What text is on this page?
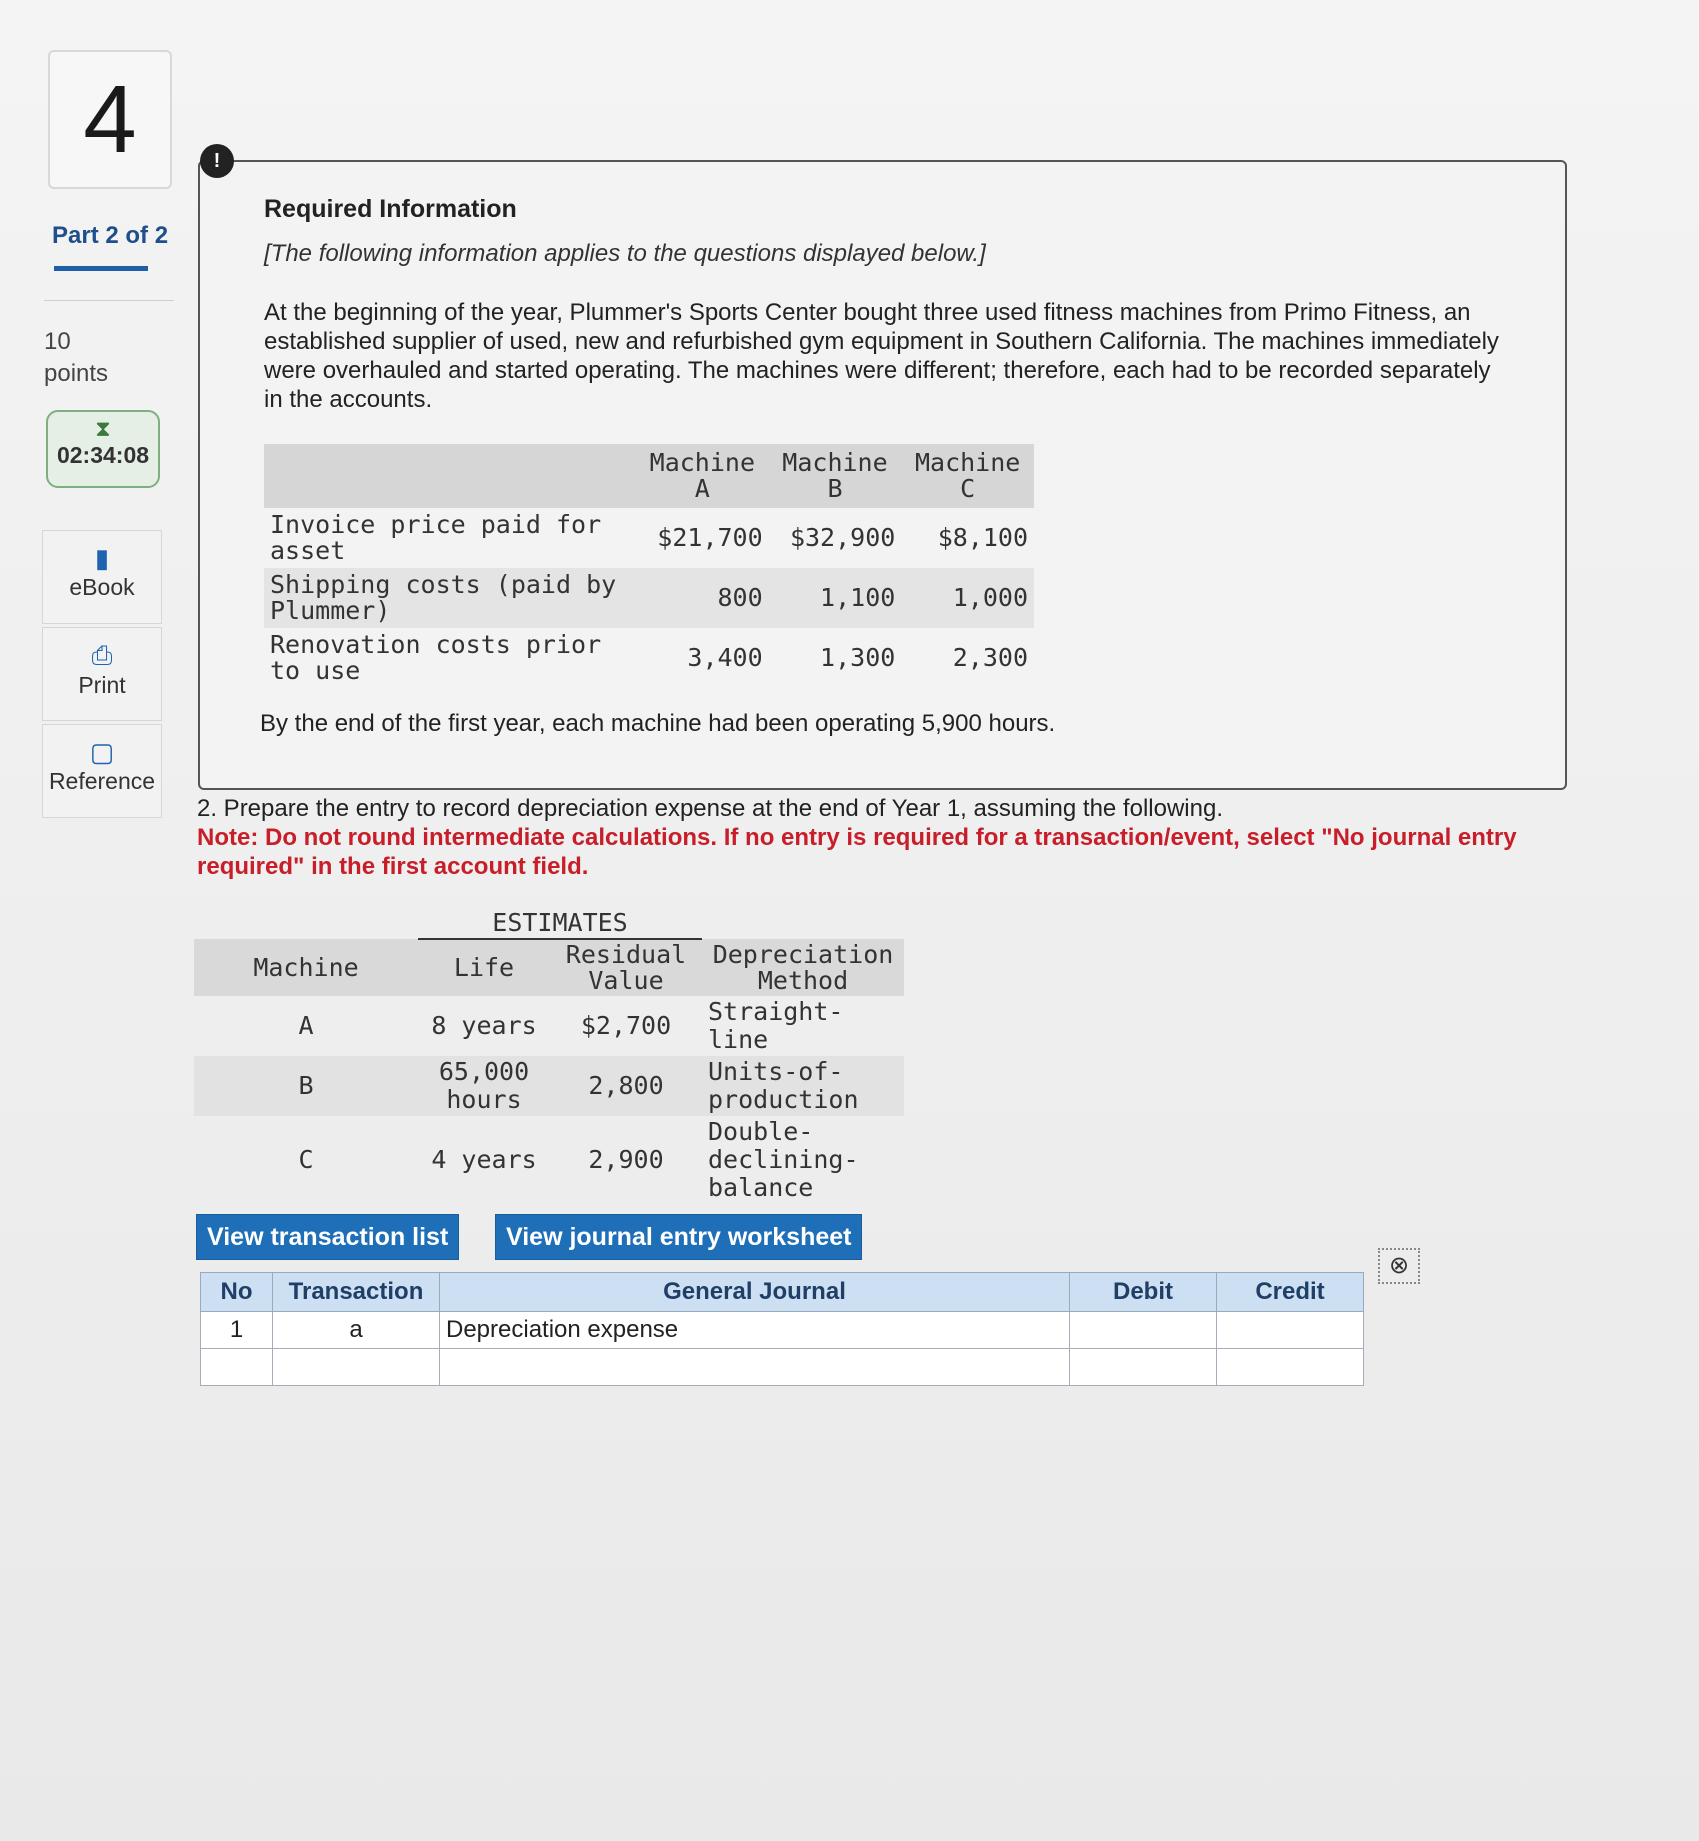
4
Part 2 of 2
10
points
⧗
02:34:08
▮
eBook
⎙
Print
▢
Reference
!
Required Information
[The following information applies to the questions displayed below.]
At the beginning of the year, Plummer's Sports Center bought three used fitness machines from Primo Fitness, an established supplier of used, new and refurbished gym equipment in Southern California. The machines immediately were overhauled and started operating. The machines were different; therefore, each had to be recorded separately in the accounts.
	Machine A	Machine B	Machine C
Invoice price paid for asset	$21,700	$32,900	$8,100
Shipping costs (paid by Plummer)	800	1,100	1,000
Renovation costs prior to use	3,400	1,300	2,300
By the end of the first year, each machine had been operating 5,900 hours.
2. Prepare the entry to record depreciation expense at the end of Year 1, assuming the following.
Note: Do not round intermediate calculations. If no entry is required for a transaction/event, select "No journal entry required" in the first account field.
	ESTIMATES		
Machine	Life	Residual Value	Depreciation Method
A	8 years	$2,700	Straight-line
B	65,000 hours	2,800	Units-of-production
C	4 years	2,900	Double-declining-balance
View transaction list	View journal entry worksheet
⊗
No	Transaction	General Journal	Debit	Credit
1	a	Depreciation expense		
